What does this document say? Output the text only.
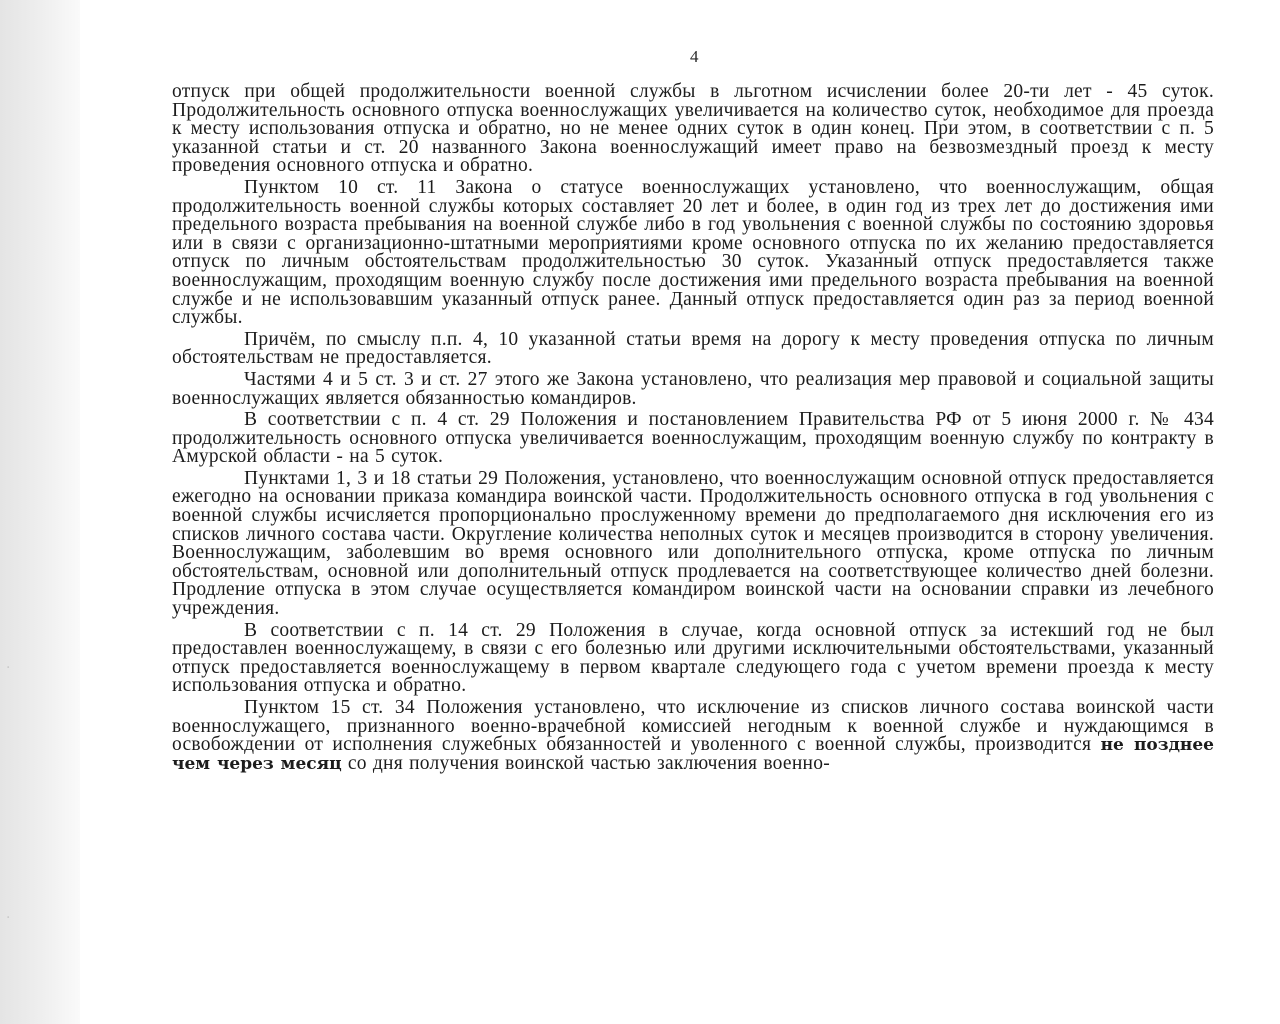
·
·
4

отпуск при общей продолжительности военной службы в льготном исчислении более 20-ти лет - 45 суток. Продолжительность основного отпуска военнослужащих увеличивается на количество суток, необходимое для проезда к месту использования отпуска и обратно, но не менее одних суток в один конец. При этом, в соответствии с п. 5 указанной статьи и ст. 20 названного Закона военнослужащий имеет право на безвозмездный проезд к месту проведения основного отпуска и обратно.

Пунктом 10 ст. 11 Закона о статусе военнослужащих установлено, что военнослужащим, общая продолжительность военной службы которых составляет 20 лет и более, в один год из трех лет до достижения ими предельного возраста пребывания на военной службе либо в год увольнения с военной службы по состоянию здоровья или в связи с организационно-штатными мероприятиями кроме основного отпуска по их желанию предоставляется отпуск по личным обстоятельствам продолжительностью 30 суток. Указанный отпуск предоставляется также военнослужащим, проходящим военную службу после достижения ими предельного возраста пребывания на военной службе и не использовавшим указанный отпуск ранее. Данный отпуск предоставляется один раз за период военной службы.

Причём, по смыслу п.п. 4, 10 указанной статьи время на дорогу к месту проведения отпуска по личным обстоятельствам не предоставляется.

Частями 4 и 5 ст. 3 и ст. 27 этого же Закона установлено, что реализация мер правовой и социальной защиты военнослужащих является обязанностью командиров.

В соответствии с п. 4 ст. 29 Положения и постановлением Правительства РФ от 5 июня 2000 г. № 434 продолжительность основного отпуска увеличивается военнослужащим, проходящим военную службу по контракту в Амурской области - на 5 суток.

Пунктами 1, 3 и 18 статьи 29 Положения, установлено, что военнослужащим основной отпуск предоставляется ежегодно на основании приказа командира воинской части. Продолжительность основного отпуска в год увольнения с военной службы исчисляется пропорционально прослуженному времени до предполагаемого дня исключения его из списков личного состава части. Округление количества неполных суток и месяцев производится в сторону увеличения. Военнослужащим, заболевшим во время основного или дополнительного отпуска, кроме отпуска по личным обстоятельствам, основной или дополнительный отпуск продлевается на соответствующее количество дней болезни. Продление отпуска в этом случае осуществляется командиром воинской части на основании справки из лечебного учреждения.

В соответствии с п. 14 ст. 29 Положения в случае, когда основной отпуск за истекший год не был предоставлен военнослужащему, в связи с его болезнью или другими исключительными обстоятельствами, указанный отпуск предоставляется военнослужащему в первом квартале следующего года с учетом времени проезда к месту использования отпуска и обратно.

Пунктом 15 ст. 34 Положения установлено, что исключение из списков личного состава воинской части военнослужащего, признанного военно-врачебной комиссией негодным к военной службе и нуждающимся в освобождении от исполнения служебных обязанностей и уволенного с военной службы, производится не позднее чем через месяц со дня получения воинской частью заключения военно-
